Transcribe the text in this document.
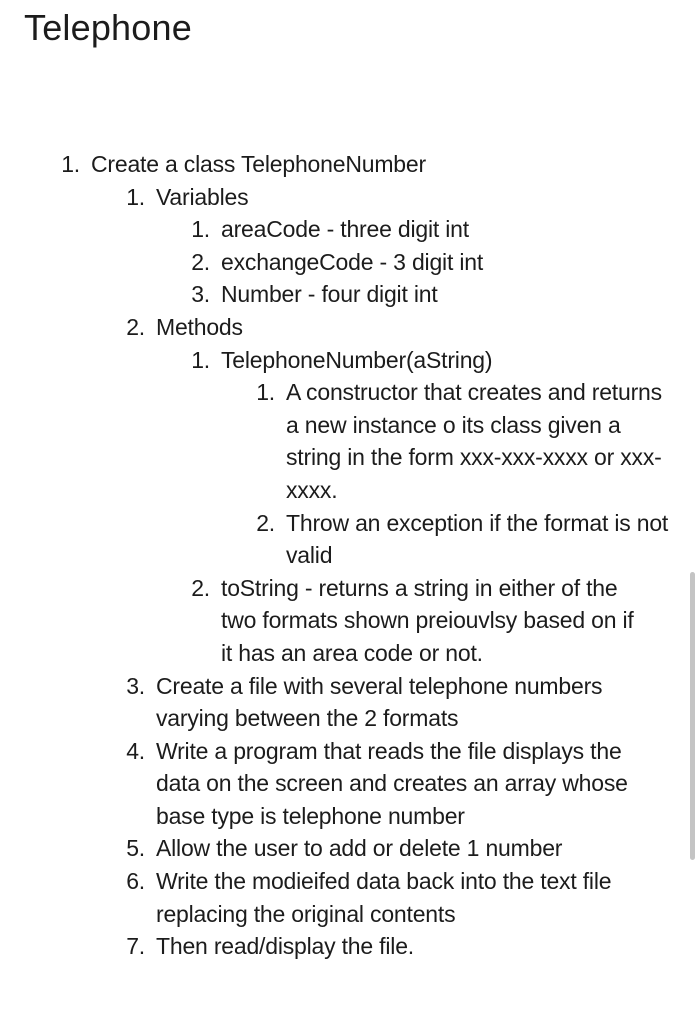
Telephone
1. Create a class TelephoneNumber
1. Variables
1. areaCode - three digit int
2. exchangeCode - 3 digit int
3. Number - four digit int
2. Methods
1. TelephoneNumber(aString)
1. A constructor that creates and returns a new instance o its class given a string in the form xxx-xxx-xxxx or xxx-xxxx.
2. Throw an exception if the format is not valid
2. toString - returns a string in either of the two formats shown preiouvlsy based on if it has an area code or not.
3. Create a file with several telephone numbers varying between the 2 formats
4. Write a program that reads the file displays the data on the screen and creates an array whose base type is telephone number
5. Allow the user to add or delete 1 number
6. Write the modieifed data back into the text file replacing the original contents
7. Then read/display the file.
